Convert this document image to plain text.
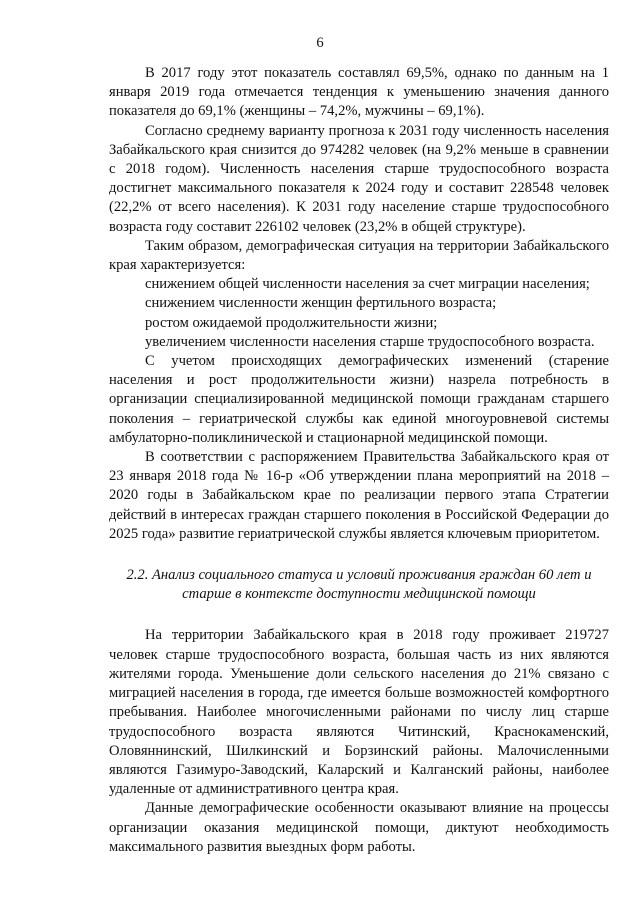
6

В 2017 году этот показатель составлял 69,5%, однако по данным на 1 января 2019 года отмечается тенденция к уменьшению значения данного показателя до 69,1% (женщины – 74,2%, мужчины – 69,1%).

Согласно среднему варианту прогноза к 2031 году численность населения Забайкальского края снизится до 974282 человек (на 9,2% меньше в сравнении с 2018 годом). Численность населения старше трудоспособного возраста достигнет максимального показателя к 2024 году и составит 228548 человек (22,2% от всего населения). К 2031 году население старше трудоспособного возраста году составит 226102 человек (23,2% в общей структуре).

Таким образом, демографическая ситуация на территории Забайкальского края характеризуется:

снижением общей численности населения за счет миграции населения;
снижением численности женщин фертильного возраста;
ростом ожидаемой продолжительности жизни;
увеличением численности населения старше трудоспособного возраста.

С учетом происходящих демографических изменений (старение населения и рост продолжительности жизни) назрела потребность в организации специализированной медицинской помощи гражданам старшего поколения – гериатрической службы как единой многоуровневой системы амбулаторно-поликлинической и стационарной медицинской помощи.

В соответствии с распоряжением Правительства Забайкальского края от 23 января 2018 года № 16-р «Об утверждении плана мероприятий на 2018 – 2020 годы в Забайкальском крае по реализации первого этапа Стратегии действий в интересах граждан старшего поколения в Российской Федерации до 2025 года» развитие гериатрической службы является ключевым приоритетом.

2.2. Анализ социального статуса и условий проживания граждан 60 лет и старше в контексте доступности медицинской помощи

На территории Забайкальского края в 2018 году проживает 219727 человек старше трудоспособного возраста, большая часть из них являются жителями города. Уменьшение доли сельского населения до 21% связано с миграцией населения в города, где имеется больше возможностей комфортного пребывания. Наиболее многочисленными районами по числу лиц старше трудоспособного возраста являются Читинский, Краснокаменский, Оловяннинский, Шилкинский и Борзинский районы. Малочисленными являются Газимуро-Заводский, Каларский и Калганский районы, наиболее удаленные от административного центра края.

Данные демографические особенности оказывают влияние на процессы организации оказания медицинской помощи, диктуют необходимость максимального развития выездных форм работы.
